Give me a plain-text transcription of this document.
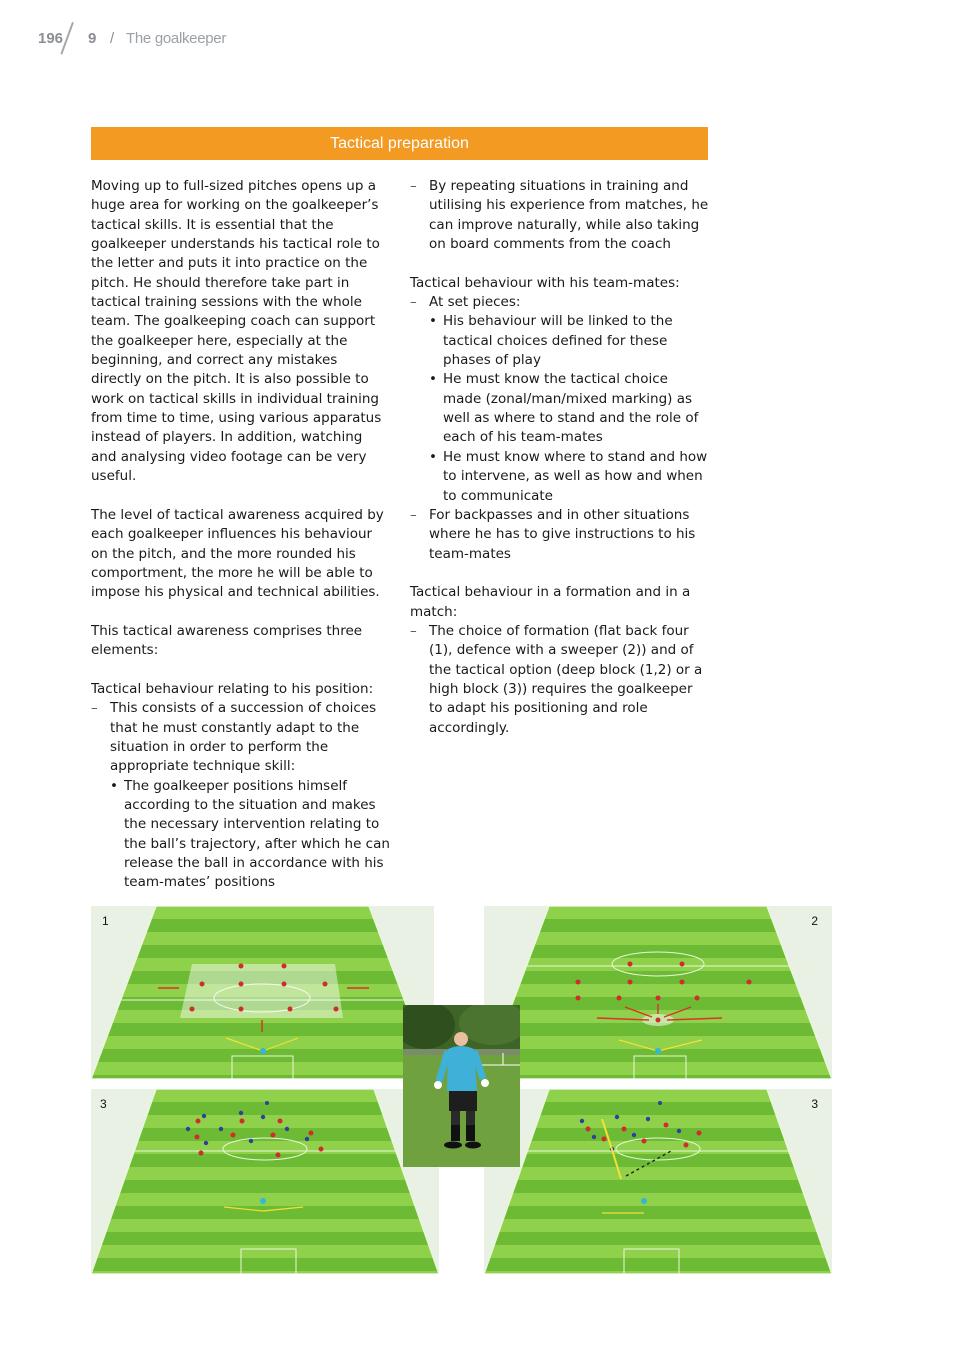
196 9 / The goalkeeper
Tactical preparation

Moving up to full-sized pitches opens up a huge area for working on the goalkeeper’s tactical skills. It is essential that the goalkeeper understands his tactical role to the letter and puts it into practice on the pitch. He should therefore take part in tactical training sessions with the whole team. The goalkeeping coach can support the goalkeeper here, especially at the beginning, and correct any mistakes directly on the pitch. It is also possible to work on tactical skills in individual training from time to time, using various apparatus instead of players. In addition, watching and analysing video footage can be very useful.

The level of tactical awareness acquired by each goalkeeper influences his behaviour on the pitch, and the more rounded his comportment, the more he will be able to impose his physical and technical abilities.

This tactical awareness comprises three elements:

Tactical behaviour relating to his position:

– This consists of a succession of choices that he must constantly adapt to the situation in order to perform the appropriate technique skill:
• The goalkeeper positions himself according to the situation and makes the necessary intervention relating to the ball’s trajectory, after which he can release the ball in accordance with his team-mates’ positions
– By repeating situations in training and utilising his experience from matches, he can improve naturally, while also taking on board comments from the coach

Tactical behaviour with his team-mates:

– At set pieces:
• His behaviour will be linked to the tactical choices defined for these phases of play
• He must know the tactical choice made (zonal/man/mixed marking) as well as where to stand and the role of each of his team-mates
• He must know where to stand and how to intervene, as well as how and when to communicate
– For backpasses and in other situations where he has to give instructions to his team-mates

Tactical behaviour in a formation and in a match:

– The choice of formation (flat back four (1), defence with a sweeper (2)) and of the tactical option (deep block (1,2) or a high block (3)) requires the goalkeeper to adapt his positioning and role accordingly.
1	2
3	3
